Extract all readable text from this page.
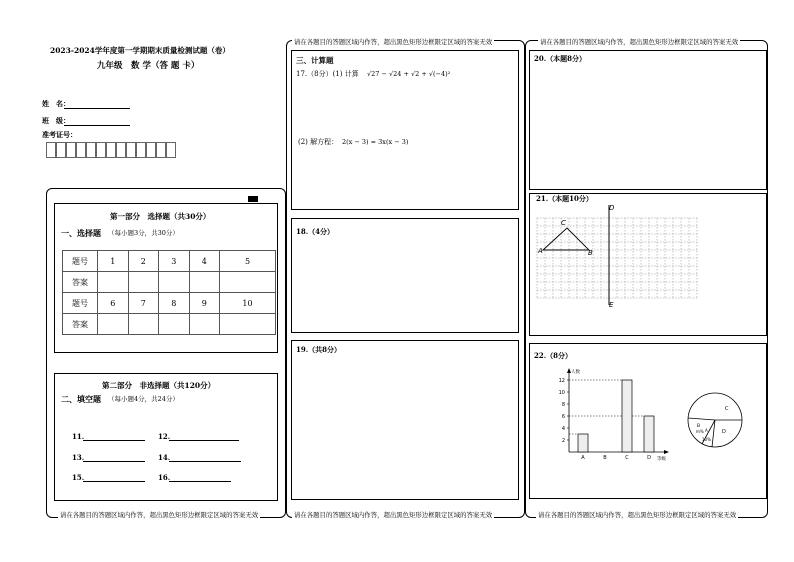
2023-2024学年度第一学期期末质量检测试题（卷）
九年级　数 学（答 题 卡）
姓　名：
班　级：
准考证号：
第一部分　选择题（共30分）
一、选择题 （每小题3分，共30分）
题号	1	2	3	4	5
答案					
题号	6	7	8	9	10
答案					
第二部分　非选择题（共120分）
二、填空题 （每小题4分，共24分）
11.	12.
13.	14.
15.	16.
请在各题目的答题区域内作答，超出黑色矩形边框限定区域的答案无效
请在各题目的答题区域内作答，超出黑色矩形边框限定区域的答案无效
三、计算题
17.（8分）(1) 计算 √27 − √24 + √2 + √(−4)²
(2) 解方程： 2(x − 3) = 3x(x − 3)
18.（4分）
19.（共8分）
请在各题目的答题区域内作答，超出黑色矩形边框限定区域的答案无效
请在各题目的答题区域内作答，超出黑色矩形边框限定区域的答案无效
20.（本题8分）
21.（本题10分）
C
A	B
D
E
22.（8分）
人数
等级
2
4
6
8
10
12
A	B	C	D
C
B
m%	D
A
10%
请在各题目的答题区域内作答，超出黑色矩形边框限定区域的答案无效
